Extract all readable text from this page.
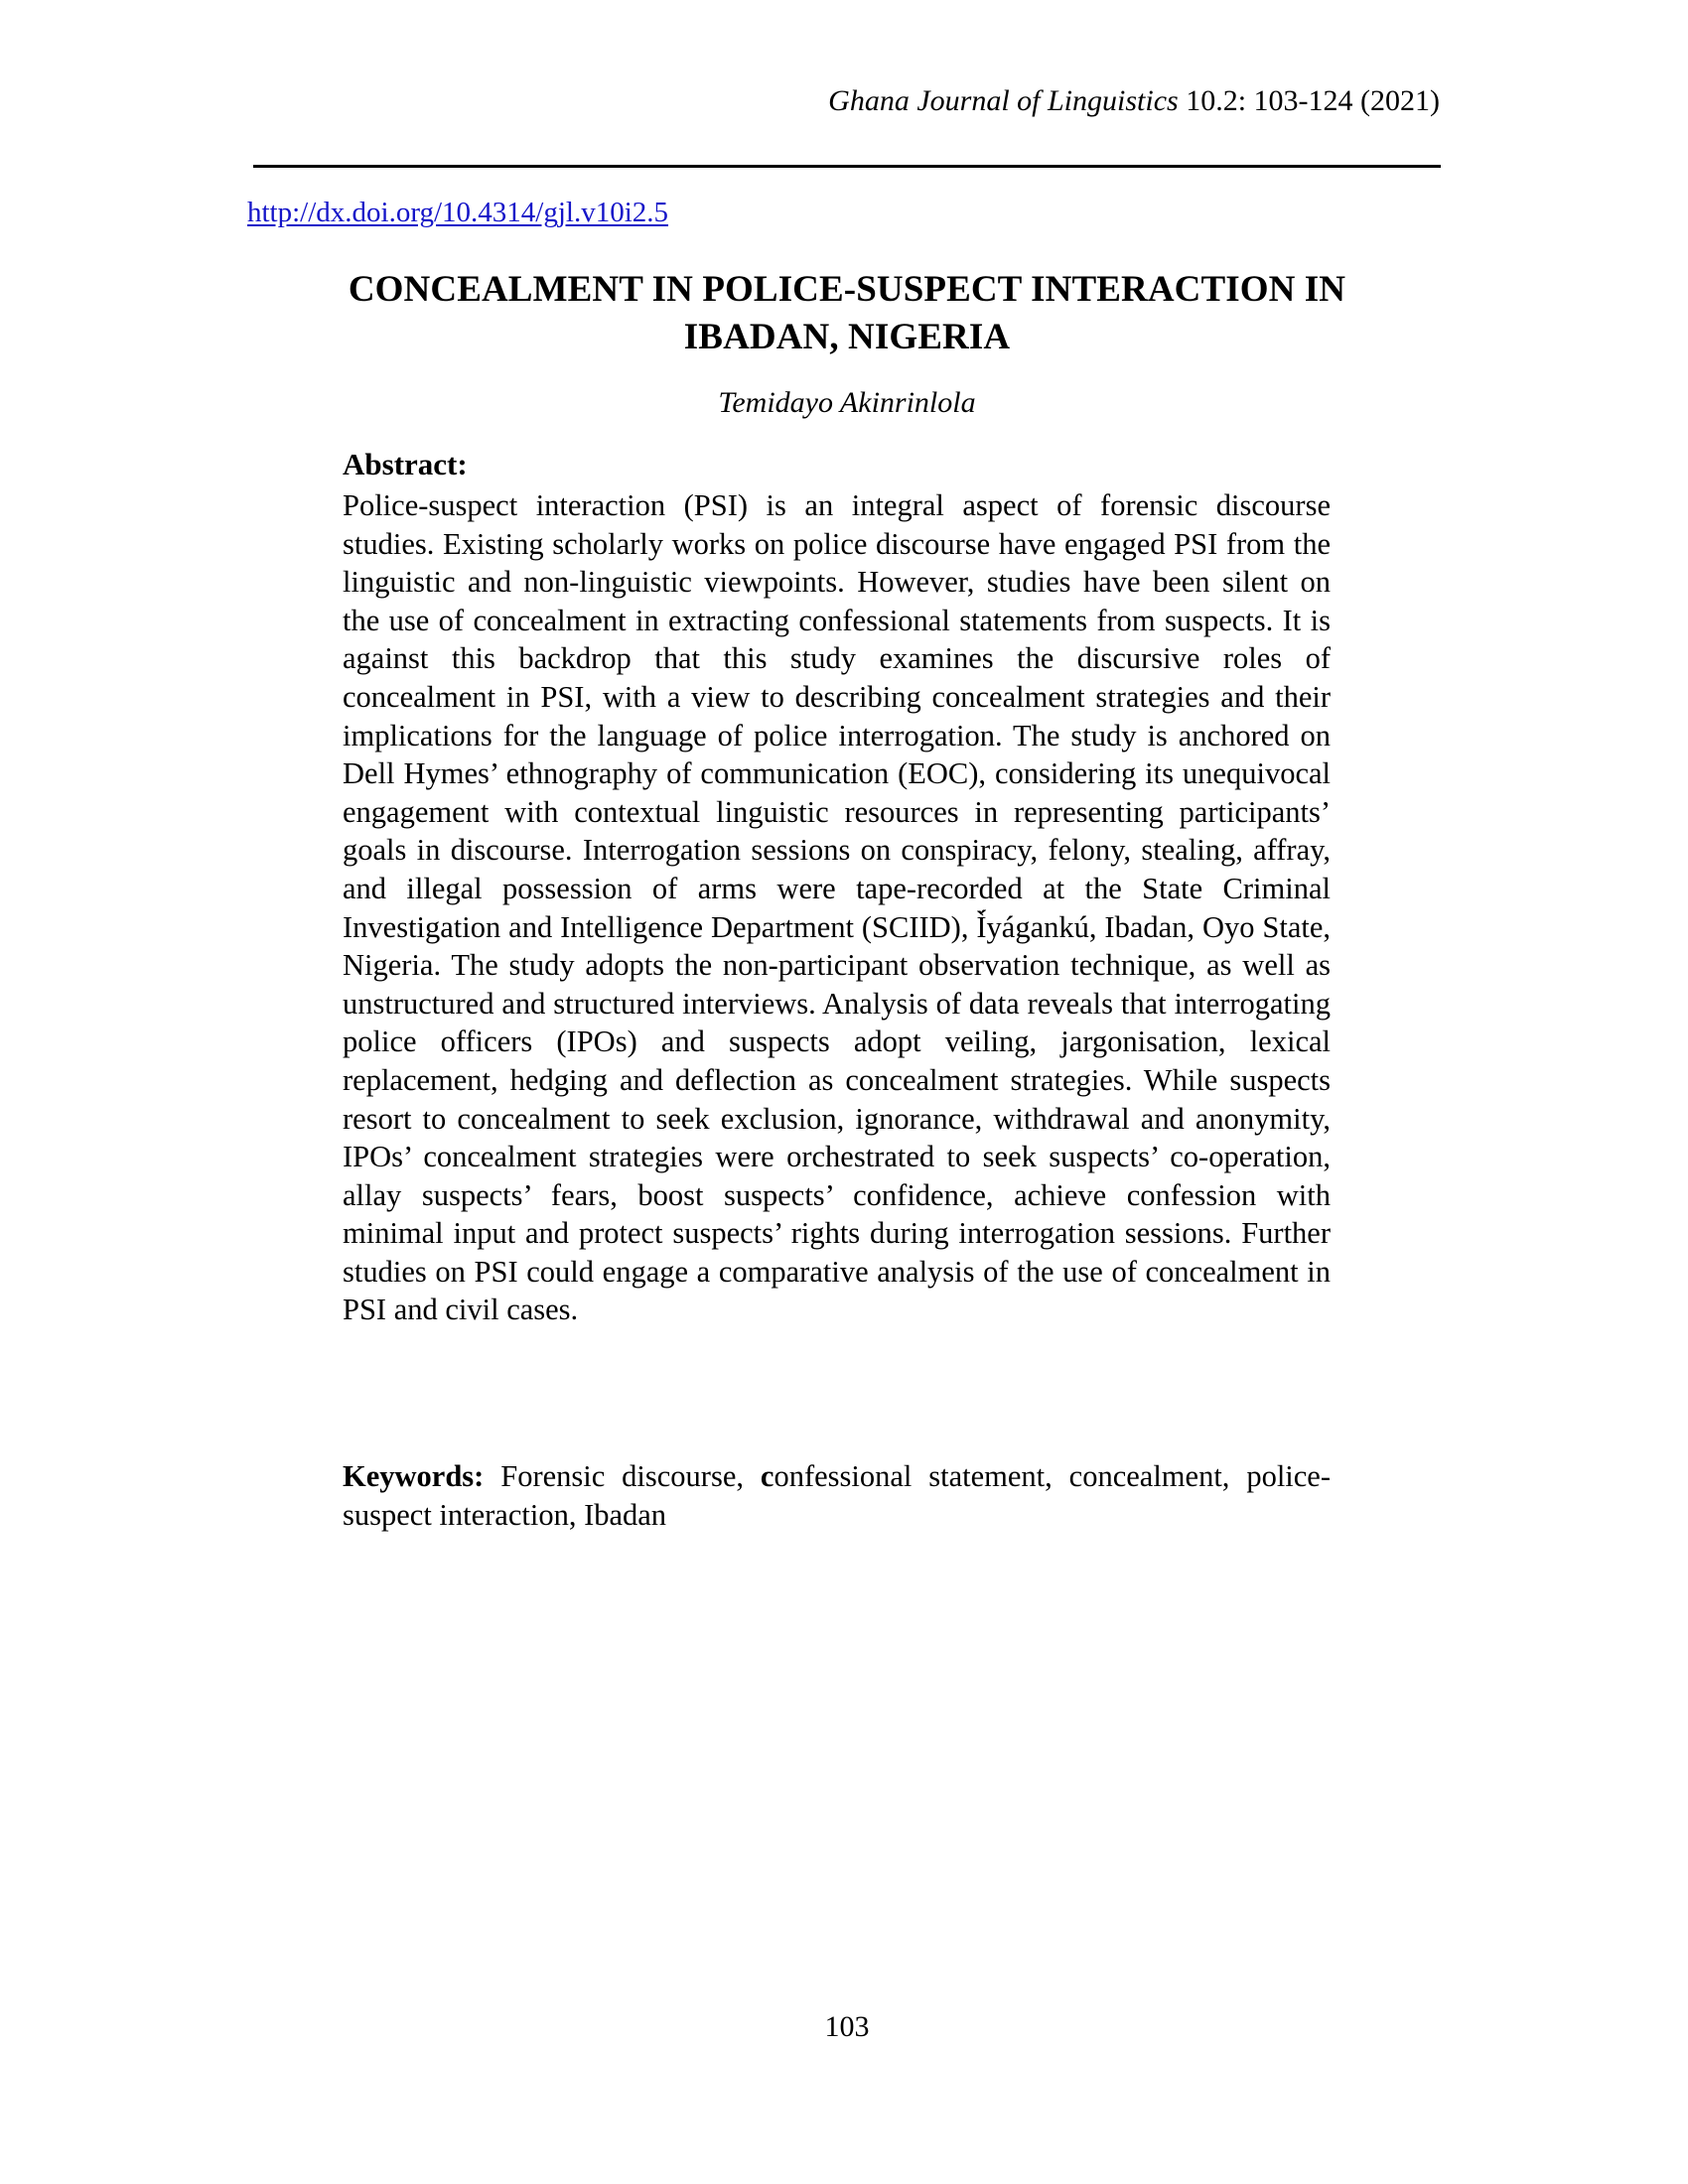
Ghana Journal of Linguistics 10.2: 103-124 (2021)
http://dx.doi.org/10.4314/gjl.v10i2.5
CONCEALMENT IN POLICE-SUSPECT INTERACTION IN IBADAN, NIGERIA
Temidayo Akinrinlola
Abstract:

Police-suspect interaction (PSI) is an integral aspect of forensic discourse studies. Existing scholarly works on police discourse have engaged PSI from the linguistic and non-linguistic viewpoints. However, studies have been silent on the use of concealment in extracting confessional statements from suspects. It is against this backdrop that this study examines the discursive roles of concealment in PSI, with a view to describing concealment strategies and their implications for the language of police interrogation. The study is anchored on Dell Hymes’ ethnography of communication (EOC), considering its unequivocal engagement with contextual linguistic resources in representing participants’ goals in discourse. Interrogation sessions on conspiracy, felony, stealing, affray, and illegal possession of arms were tape-recorded at the State Criminal Investigation and Intelligence Department (SCIID), Ì́yágankú, Ibadan, Oyo State, Nigeria. The study adopts the non-participant observation technique, as well as unstructured and structured interviews. Analysis of data reveals that interrogating police officers (IPOs) and suspects adopt veiling, jargonisation, lexical replacement, hedging and deflection as concealment strategies. While suspects resort to concealment to seek exclusion, ignorance, withdrawal and anonymity, IPOs’ concealment strategies were orchestrated to seek suspects’ co-operation, allay suspects’ fears, boost suspects’ confidence, achieve confession with minimal input and protect suspects’ rights during interrogation sessions. Further studies on PSI could engage a comparative analysis of the use of concealment in PSI and civil cases.

Keywords: Forensic discourse, confessional statement, concealment, police-suspect interaction, Ibadan

103
